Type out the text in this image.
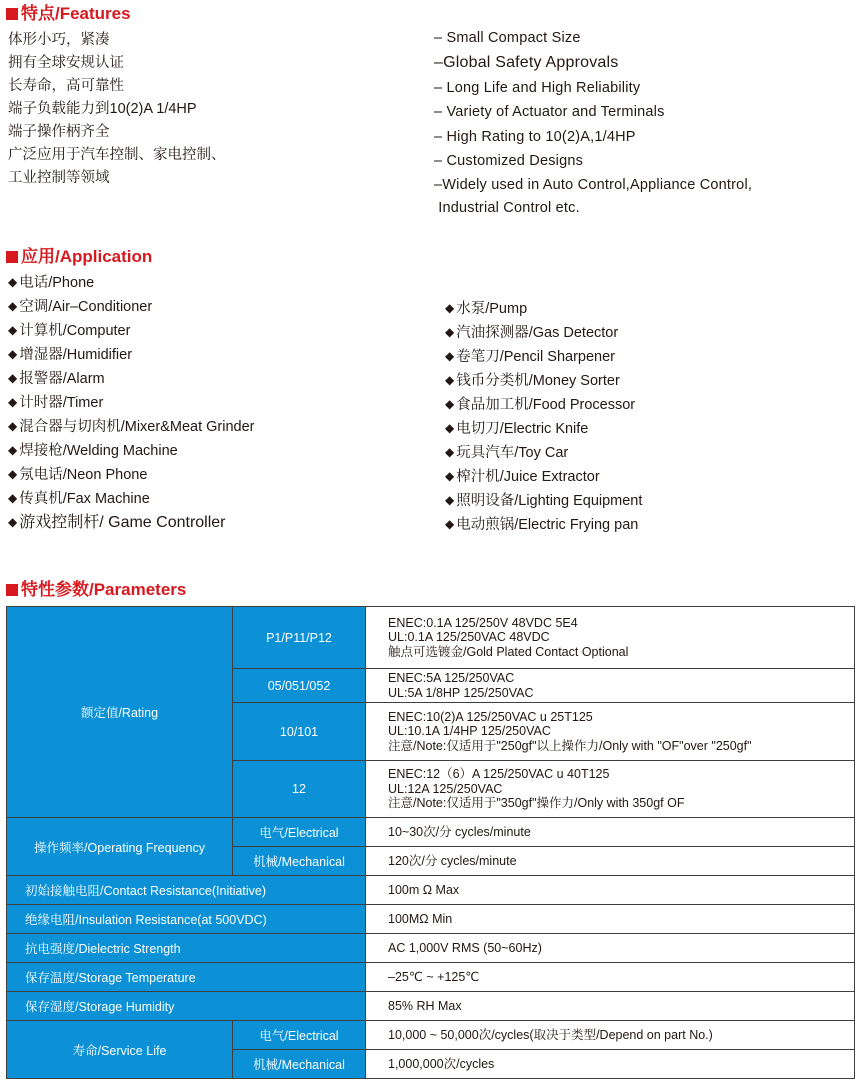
特点/Features
体形小巧，紧凑
拥有全球安规认证
长寿命，高可靠性
端子负载能力到10(2)A 1/4HP
端子操作柄齐全
广泛应用于汽车控制、家电控制、
工业控制等领域
– Small Compact Size
–Global Safety Approvals
– Long Life and High Reliability
– Variety of Actuator and Terminals
– High Rating to 10(2)A,1/4HP
– Customized Designs
–Widely used in Auto Control,Appliance Control,
Industrial Control etc.
应用/Application
◆ 电话/Phone
◆ 空调/Air–Conditioner
◆ 计算机/Computer
◆ 增湿器/Humidifier
◆ 报警器/Alarm
◆ 计时器/Timer
◆ 混合器与切肉机/Mixer&Meat Grinder
◆ 焊接枪/Welding Machine
◆ 氖电话/Neon Phone
◆ 传真机/Fax Machine
◆ 游戏控制杆/ Game Controller
◆ 水泵/Pump
◆ 汽油探测器/Gas Detector
◆ 卷笔刀/Pencil Sharpener
◆ 钱币分类机/Money Sorter
◆ 食品加工机/Food Processor
◆ 电切刀/Electric Knife
◆ 玩具汽车/Toy Car
◆ 榨汁机/Juice Extractor
◆ 照明设备/Lighting Equipment
◆ 电动煎锅/Electric Frying pan
特性参数/Parameters
额定值/Rating	P1/P11/P12	ENEC:0.1A 125/250V 48VDC 5E4
UL:0.1A 125/250VAC 48VDC
触点可选镀金/Gold Plated Contact Optional

	05/051/052	ENEC:5A 125/250VAC
UL:5A 1/8HP 125/250VAC

	10/101	ENEC:10(2)A 125/250VAC u 25T125
UL:10.1A 1/4HP 125/250VAC
注意/Note:仅适用于"250gf"以上操作力/Only with "OF"over "250gf"

	12	ENEC:12（6）A 125/250VAC u 40T125
UL:12A 125/250VAC
注意/Note:仅适用于"350gf"操作力/Only with 350gf OF

操作频率/Operating Frequency	电气/Electrical	10~30次/分 cycles/minute
	机械/Mechanical	120次/分 cycles/minute
初始接触电阻/Contact Resistance(Initiative)		100m Ω Max
绝缘电阻/Insulation Resistance(at 500VDC)		100MΩ Min
抗电强度/Dielectric Strength		AC 1,000V RMS (50~60Hz)
保存温度/Storage Temperature		–25℃ ~ +125℃
保存湿度/Storage Humidity		85% RH Max
寿命/Service Life	电气/Electrical	10,000 ~ 50,000次/cycles(取决于类型/Depend on part No.)
	机械/Mechanical	1,000,000次/cycles
